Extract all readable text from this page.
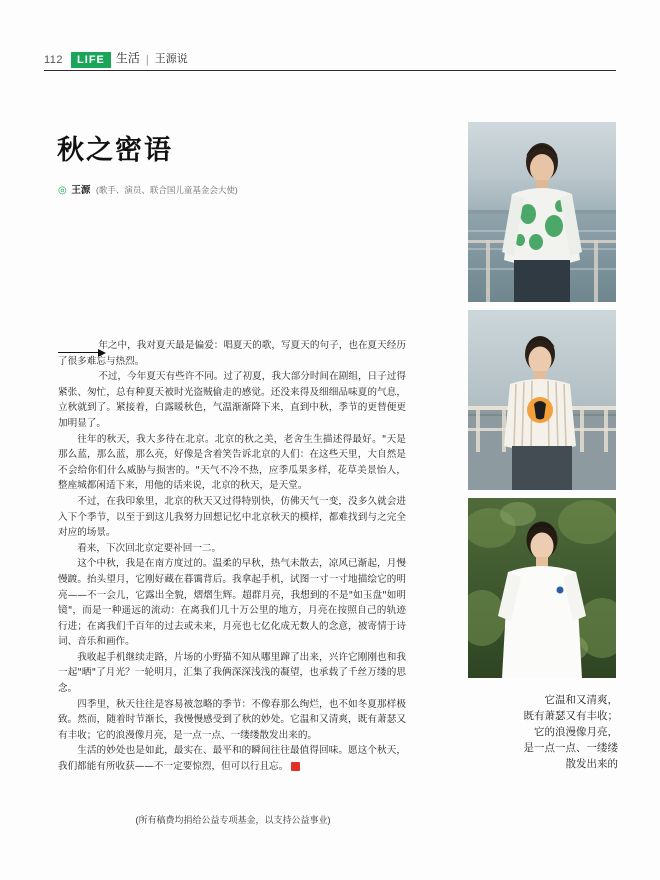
112	LIFE 生活 | 王源说
秋之密语
◎ 王源 (歌手、演员、联合国儿童基金会大使)

年之中，我对夏天最是偏爱：唱夏天的歌，写夏天的句子，也在夏天经历了很多难忘与热烈。

不过，今年夏天有些许不同。过了初夏，我大部分时间在剧组，日子过得紧张、匆忙，总有种夏天被时光盗贼偷走的感觉。还没来得及细细品味夏的气息，立秋就到了。紧接着，白露暖秋色，气温渐渐降下来，直到中秋，季节的更替便更加明显了。

往年的秋天，我大多待在北京。北京的秋之美，老舍生生描述得最好。"天是那么蓝，那么蓝，那么亮，好像是含着笑告诉北京的人们：在这些天里，大自然是不会给你们什么威胁与损害的。"天气不冷不热，应季瓜果多样，花草美景怡人，整座城都闲适下来，用他的话来说，北京的秋天，是天堂。

不过，在我印象里，北京的秋天又过得特别快，仿佛天气一变，没多久就会进入下个季节，以至于到这儿我努力回想记忆中北京秋天的模样，都难找到与之完全对应的场景。

看来，下次回北京定要补回一二。

这个中秋，我是在南方度过的。温柔的早秋，热气未散去，凉风已渐起，月慢慢踱。抬头望月，它刚好藏在暮霭背后。我拿起手机，试图一寸一寸地描绘它的明亮——不一会儿，它露出全貌，熠熠生辉。超群月亮，我想到的不是"如玉盘"如明镜"，而是一种遥远的流动：在离我们几十万公里的地方，月亮在按照自己的轨迹行进；在离我们千百年的过去或未来，月亮也七亿化成无数人的念意，被寄情于诗词、音乐和画作。

我收起手机继续走路，片场的小野猫不知从哪里蹿了出来，兴许它刚刚也和我一起"晒"了月光？一轮明月，汇集了我俩深深浅浅的凝望，也承载了千丝万缕的思念。

四季里，秋天往往是容易被忽略的季节：不像春那么绚烂，也不如冬夏那样极致。然而，随着时节渐长，我慢慢感受到了秋的妙处。它温和又清爽，既有萧瑟又有丰收；它的浪漫像月亮，是一点一点、一缕缕散发出来的。

生活的妙处也是如此，最实在、最平和的瞬间往往最值得回味。愿这个秋天，我们都能有所收获——不一定要惊烈，但可以行且忘。	G

(所有稿费均捐给公益专项基金，以支持公益事业)
它温和又清爽，
既有萧瑟又有丰收；
它的浪漫像月亮，
是一点一点、一缕缕
散发出来的
